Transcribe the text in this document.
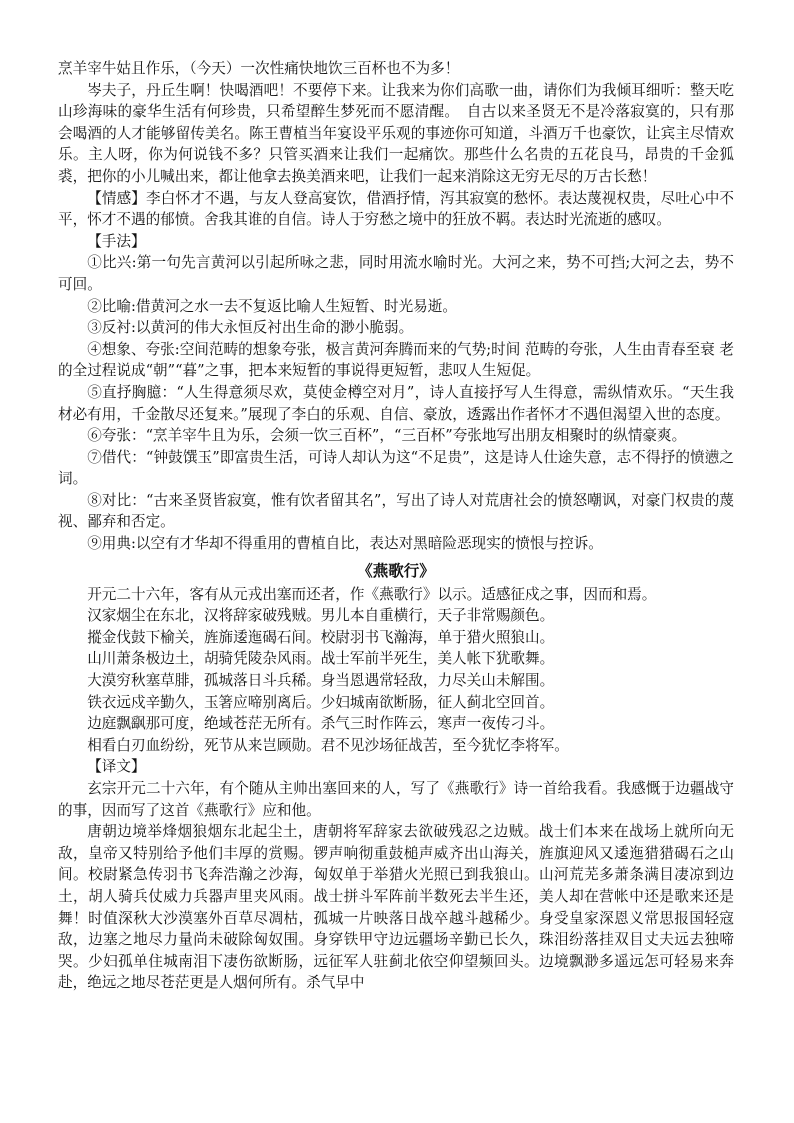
烹羊宰牛姑且作乐，（今天）一次性痛快地饮三百杯也不为多！

岑夫子，丹丘生啊！快喝酒吧！不要停下来。让我来为你们高歌一曲，请你们为我倾耳细听：整天吃山珍海味的豪华生活有何珍贵，只希望醉生梦死而不愿清醒。　自古以来圣贤无不是冷落寂寞的，只有那会喝酒的人才能够留传美名。陈王曹植当年宴设平乐观的事迹你可知道，斗酒万千也豪饮，让宾主尽情欢乐。主人呀，你为何说钱不多？只管买酒来让我们一起痛饮。那些什么名贵的五花良马，昂贵的千金狐裘，把你的小儿喊出来，都让他拿去换美酒来吧，让我们一起来消除这无穷无尽的万古长愁！

【情感】李白怀才不遇，与友人登高宴饮，借酒抒情，泻其寂寞的愁怀。表达蔑视权贵，尽吐心中不平，怀才不遇的郁愤。舍我其谁的自信。诗人于穷愁之境中的狂放不羁。表达时光流逝的感叹。

【手法】

①比兴:第一句先言黄河以引起所咏之悲，同时用流水喻时光。大河之来，势不可挡;大河之去，势不可回。

②比喻:借黄河之水一去不复返比喻人生短暂、时光易逝。

③反衬:以黄河的伟大永恒反衬出生命的渺小脆弱。

④想象、夸张:空间范畴的想象夸张，极言黄河奔腾而来的气势;时间 范畴的夸张，人生由青春至衰 老的全过程说成“朝”“暮”之事，把本来短暂的事说得更短暂，悲叹人生短促。

⑤直抒胸臆：“人生得意须尽欢，莫使金樽空对月”，诗人直接抒写人生得意，需纵情欢乐。“天生我材必有用，千金散尽还复来。”展现了李白的乐观、自信、豪放，透露出作者怀才不遇但渴望入世的态度。

⑥夸张：“烹羊宰牛且为乐，会须一饮三百杯”，“三百杯”夸张地写出朋友相聚时的纵情豪爽。

⑦借代：“钟鼓馔玉”即富贵生活，可诗人却认为这“不足贵”，这是诗人仕途失意，志不得抒的愤懑之词。

⑧对比：“古来圣贤皆寂寞，惟有饮者留其名”，写出了诗人对荒唐社会的愤怒嘲讽，对豪门权贵的蔑视、鄙弃和否定。

⑨用典:以空有才华却不得重用的曹植自比，表达对黑暗险恶现实的愤恨与控诉。

《燕歌行》

开元二十六年，客有从元戎出塞而还者，作《燕歌行》以示。适感征戍之事，因而和焉。

汉家烟尘在东北，汉将辞家破残贼。男儿本自重横行，天子非常赐颜色。

摐金伐鼓下榆关，旌旆逶迤碣石间。校尉羽书飞瀚海，单于猎火照狼山。

山川萧条极边土，胡骑凭陵杂风雨。战士军前半死生，美人帐下犹歌舞。

大漠穷秋塞草腓，孤城落日斗兵稀。身当恩遇常轻敌，力尽关山未解围。

铁衣远戍辛勤久，玉箸应啼别离后。少妇城南欲断肠，征人蓟北空回首。

边庭飘飖那可度，绝域苍茫无所有。杀气三时作阵云，寒声一夜传刁斗。

相看白刃血纷纷，死节从来岂顾勋。君不见沙场征战苦，至今犹忆李将军。

【译文】

玄宗开元二十六年，有个随从主帅出塞回来的人，写了《燕歌行》诗一首给我看。我感慨于边疆战守的事，因而写了这首《燕歌行》应和他。

唐朝边境举烽烟狼烟东北起尘土，唐朝将军辞家去欲破残忍之边贼。战士们本来在战场上就所向无敌，皇帝又特别给予他们丰厚的赏赐。锣声响彻重鼓槌声威齐出山海关，旌旗迎风又逶迤猎猎碣石之山间。校尉紧急传羽书飞奔浩瀚之沙海，匈奴单于举猎火光照已到我狼山。山河荒芜多萧条满目凄凉到边土，胡人骑兵仗威力兵器声里夹风雨。战士拼斗军阵前半数死去半生还，美人却在营帐中还是歌来还是舞！时值深秋大沙漠塞外百草尽凋枯，孤城一片映落日战卒越斗越稀少。身受皇家深恩义常思报国轻寇敌，边塞之地尽力量尚未破除匈奴围。身穿铁甲守边远疆场辛勤已长久，珠泪纷落挂双目丈夫远去独啼哭。少妇孤单住城南泪下凄伤欲断肠，远征军人驻蓟北依空仰望频回头。边境飘渺多遥远怎可轻易来奔赴，绝远之地尽苍茫更是人烟何所有。杀气早中
